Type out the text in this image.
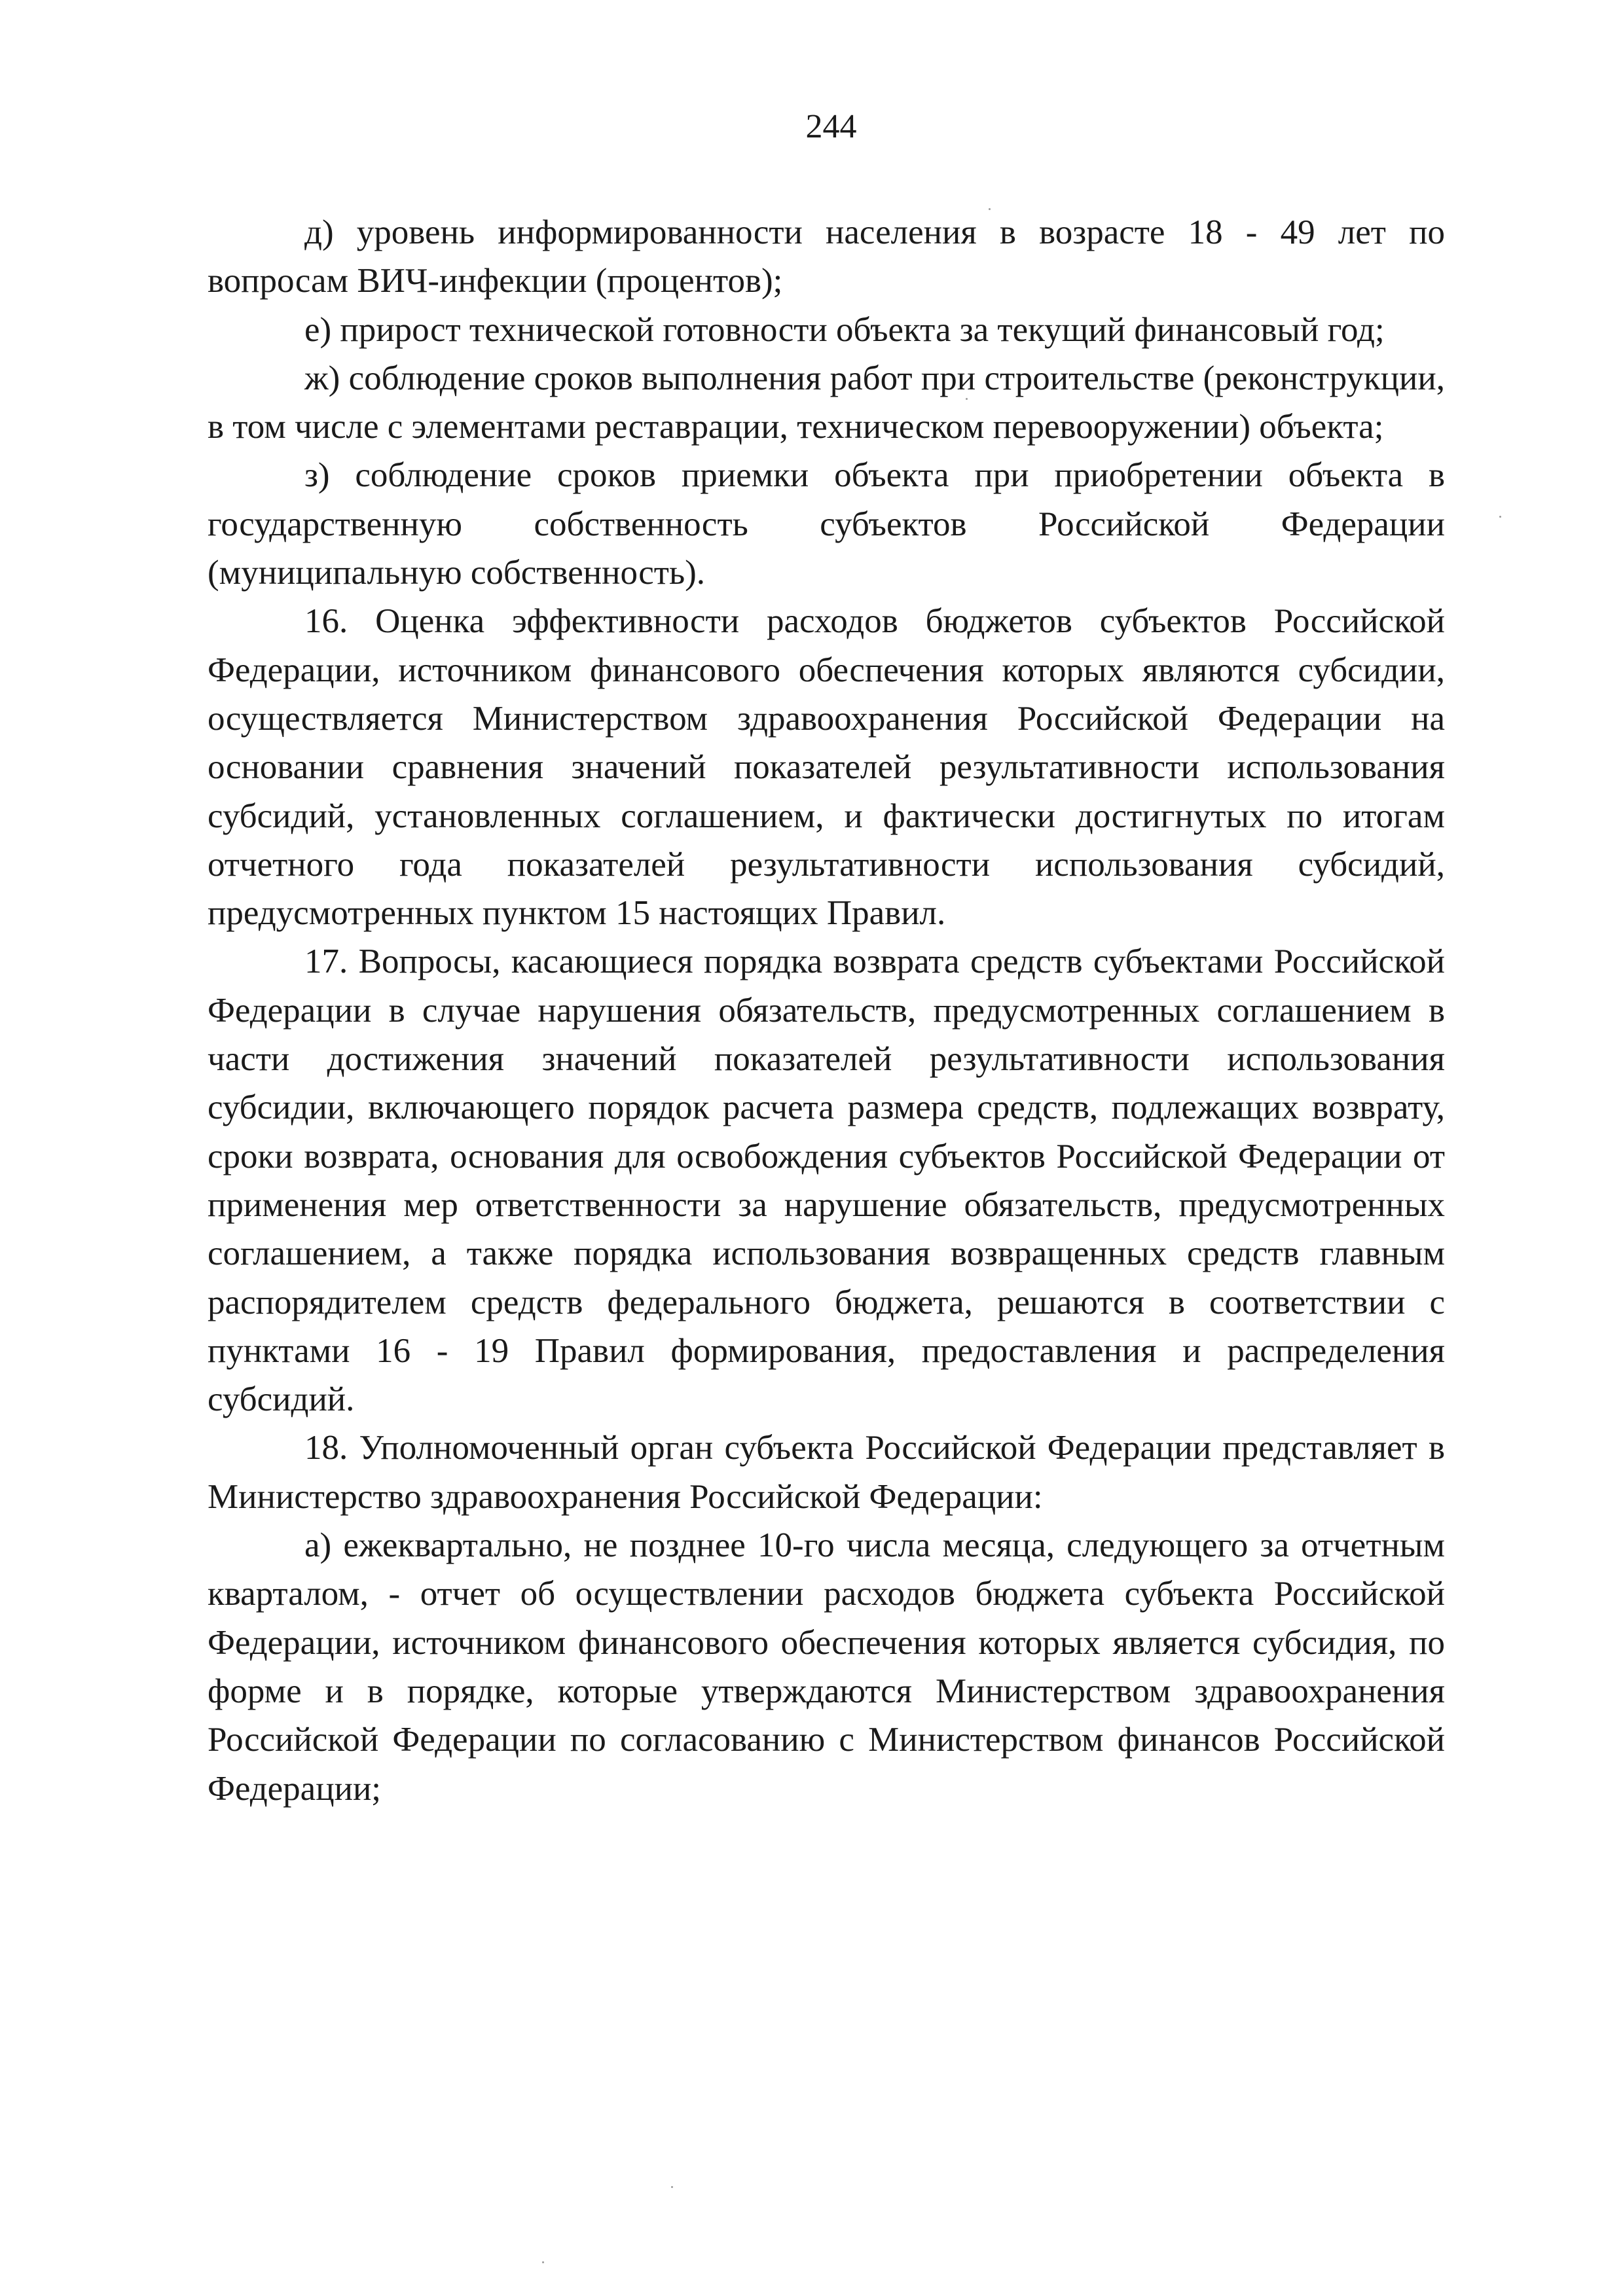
244

д) уровень информированности населения в возрасте 18 - 49 лет по вопросам ВИЧ-инфекции (процентов);

е) прирост технической готовности объекта за текущий финансовый год;

ж) соблюдение сроков выполнения работ при строительстве (реконструкции, в том числе с элементами реставрации, техническом перевооружении) объекта;

з) соблюдение сроков приемки объекта при приобретении объекта в государственную собственность субъектов Российской Федерации (муниципальную собственность).

16. Оценка эффективности расходов бюджетов субъектов Российской Федерации, источником финансового обеспечения которых являются субсидии, осуществляется Министерством здравоохранения Российской Федерации на основании сравнения значений показателей результативности использования субсидий, установленных соглашением, и фактически достигнутых по итогам отчетного года показателей результативности использования субсидий, предусмотренных пунктом 15 настоящих Правил.

17. Вопросы, касающиеся порядка возврата средств субъектами Российской Федерации в случае нарушения обязательств, предусмотренных соглашением в части достижения значений показателей результативности использования субсидии, включающего порядок расчета размера средств, подлежащих возврату, сроки возврата, основания для освобождения субъектов Российской Федерации от применения мер ответственности за нарушение обязательств, предусмотренных соглашением, а также порядка использования возвращенных средств главным распорядителем средств федерального бюджета, решаются в соответствии с пунктами 16 - 19 Правил формирования, предоставления и распределения субсидий.

18. Уполномоченный орган субъекта Российской Федерации представляет в Министерство здравоохранения Российской Федерации:

а) ежеквартально, не позднее 10-го числа месяца, следующего за отчетным кварталом, - отчет об осуществлении расходов бюджета субъекта Российской Федерации, источником финансового обеспечения которых является субсидия, по форме и в порядке, которые утверждаются Министерством здравоохранения Российской Федерации по согласованию с Министерством финансов Российской Федерации;
